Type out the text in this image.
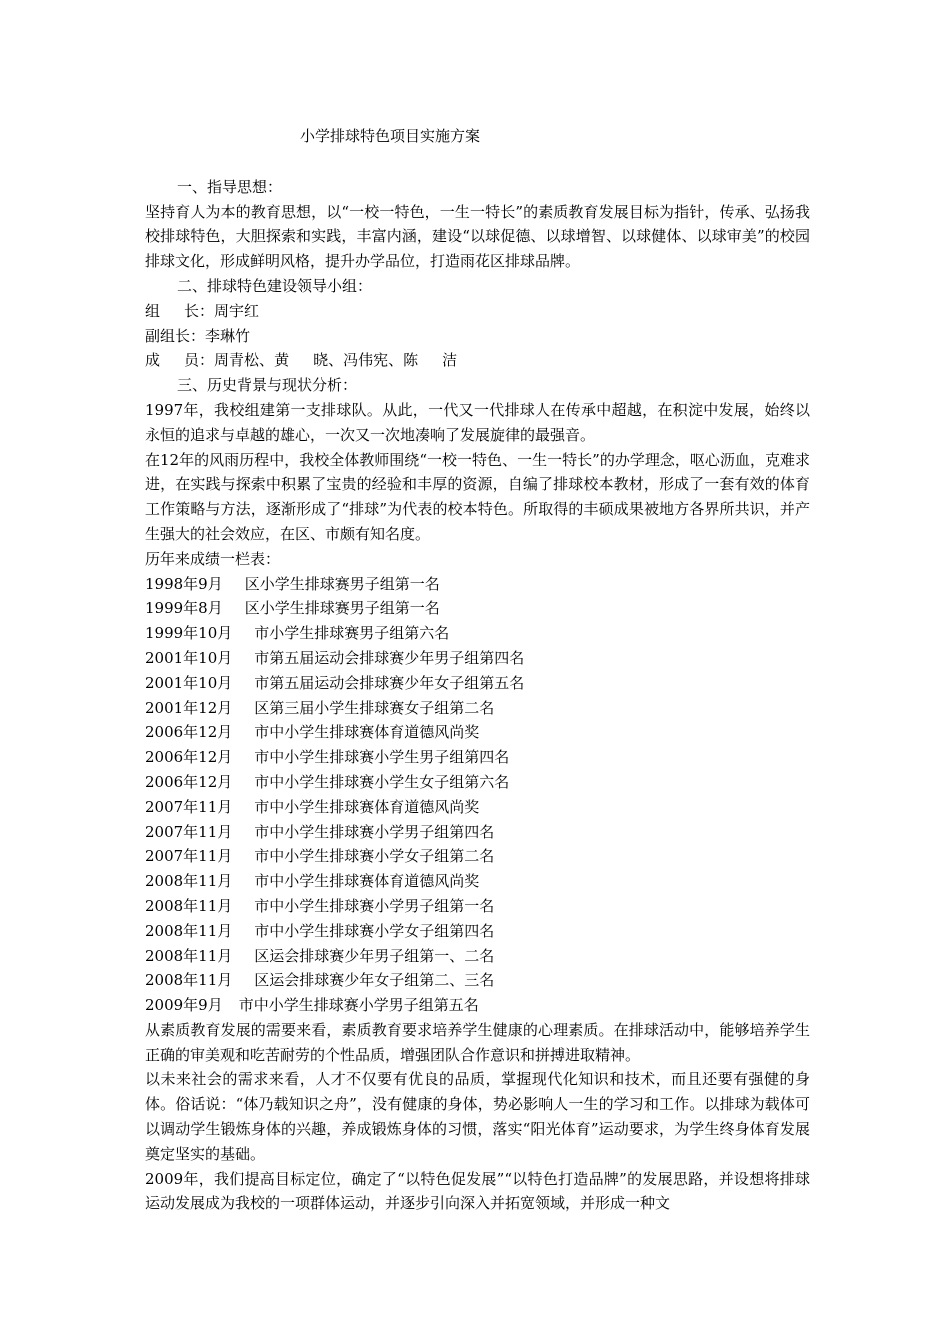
小学排球特色项目实施方案

一、指导思想：

坚持育人为本的教育思想，以“一校一特色，一生一特长”的素质教育发展目标为指针，传承、弘扬我校排球特色，大胆探索和实践，丰富内涵，建设“以球促德、以球增智、以球健体、以球审美”的校园排球文化，形成鲜明风格，提升办学品位，打造雨花区排球品牌。

二、排球特色建设领导小组：

组 长：周宇红

副组长：李琳竹

成 员：周青松、黄 晓、冯伟宪、陈 洁

三、历史背景与现状分析：

1997年，我校组建第一支排球队。从此，一代又一代排球人在传承中超越，在积淀中发展，始终以永恒的追求与卓越的雄心，一次又一次地凑响了发展旋律的最强音。

在12年的风雨历程中，我校全体教师围绕“一校一特色、一生一特长”的办学理念，呕心沥血，克难求进，在实践与探索中积累了宝贵的经验和丰厚的资源，自编了排球校本教材，形成了一套有效的体育工作策略与方法，逐渐形成了“排球”为代表的校本特色。所取得的丰硕成果被地方各界所共识，并产生强大的社会效应，在区、市颇有知名度。

历年来成绩一栏表：

1998年9月 区小学生排球赛男子组第一名

1999年8月 区小学生排球赛男子组第一名

1999年10月 市小学生排球赛男子组第六名

2001年10月 市第五届运动会排球赛少年男子组第四名

2001年10月 市第五届运动会排球赛少年女子组第五名

2001年12月 区第三届小学生排球赛女子组第二名

2006年12月 市中小学生排球赛体育道德风尚奖

2006年12月 市中小学生排球赛小学生男子组第四名

2006年12月 市中小学生排球赛小学生女子组第六名

2007年11月 市中小学生排球赛体育道德风尚奖

2007年11月 市中小学生排球赛小学男子组第四名

2007年11月 市中小学生排球赛小学女子组第二名

2008年11月 市中小学生排球赛体育道德风尚奖

2008年11月 市中小学生排球赛小学男子组第一名

2008年11月 市中小学生排球赛小学女子组第四名

2008年11月 区运会排球赛少年男子组第一、二名

2008年11月 区运会排球赛少年女子组第二、三名

2009年9月 市中小学生排球赛小学男子组第五名

从素质教育发展的需要来看，素质教育要求培养学生健康的心理素质。在排球活动中，能够培养学生正确的审美观和吃苦耐劳的个性品质，增强团队合作意识和拼搏进取精神。

以未来社会的需求来看，人才不仅要有优良的品质，掌握现代化知识和技术，而且还要有强健的身体。俗话说：“体乃载知识之舟”，没有健康的身体，势必影响人一生的学习和工作。以排球为载体可以调动学生锻炼身体的兴趣，养成锻炼身体的习惯，落实“阳光体育”运动要求，为学生终身体育发展奠定坚实的基础。

2009年，我们提高目标定位，确定了“以特色促发展”“以特色打造品牌”的发展思路，并设想将排球运动发展成为我校的一项群体运动，并逐步引向深入并拓宽领域，并形成一种文
